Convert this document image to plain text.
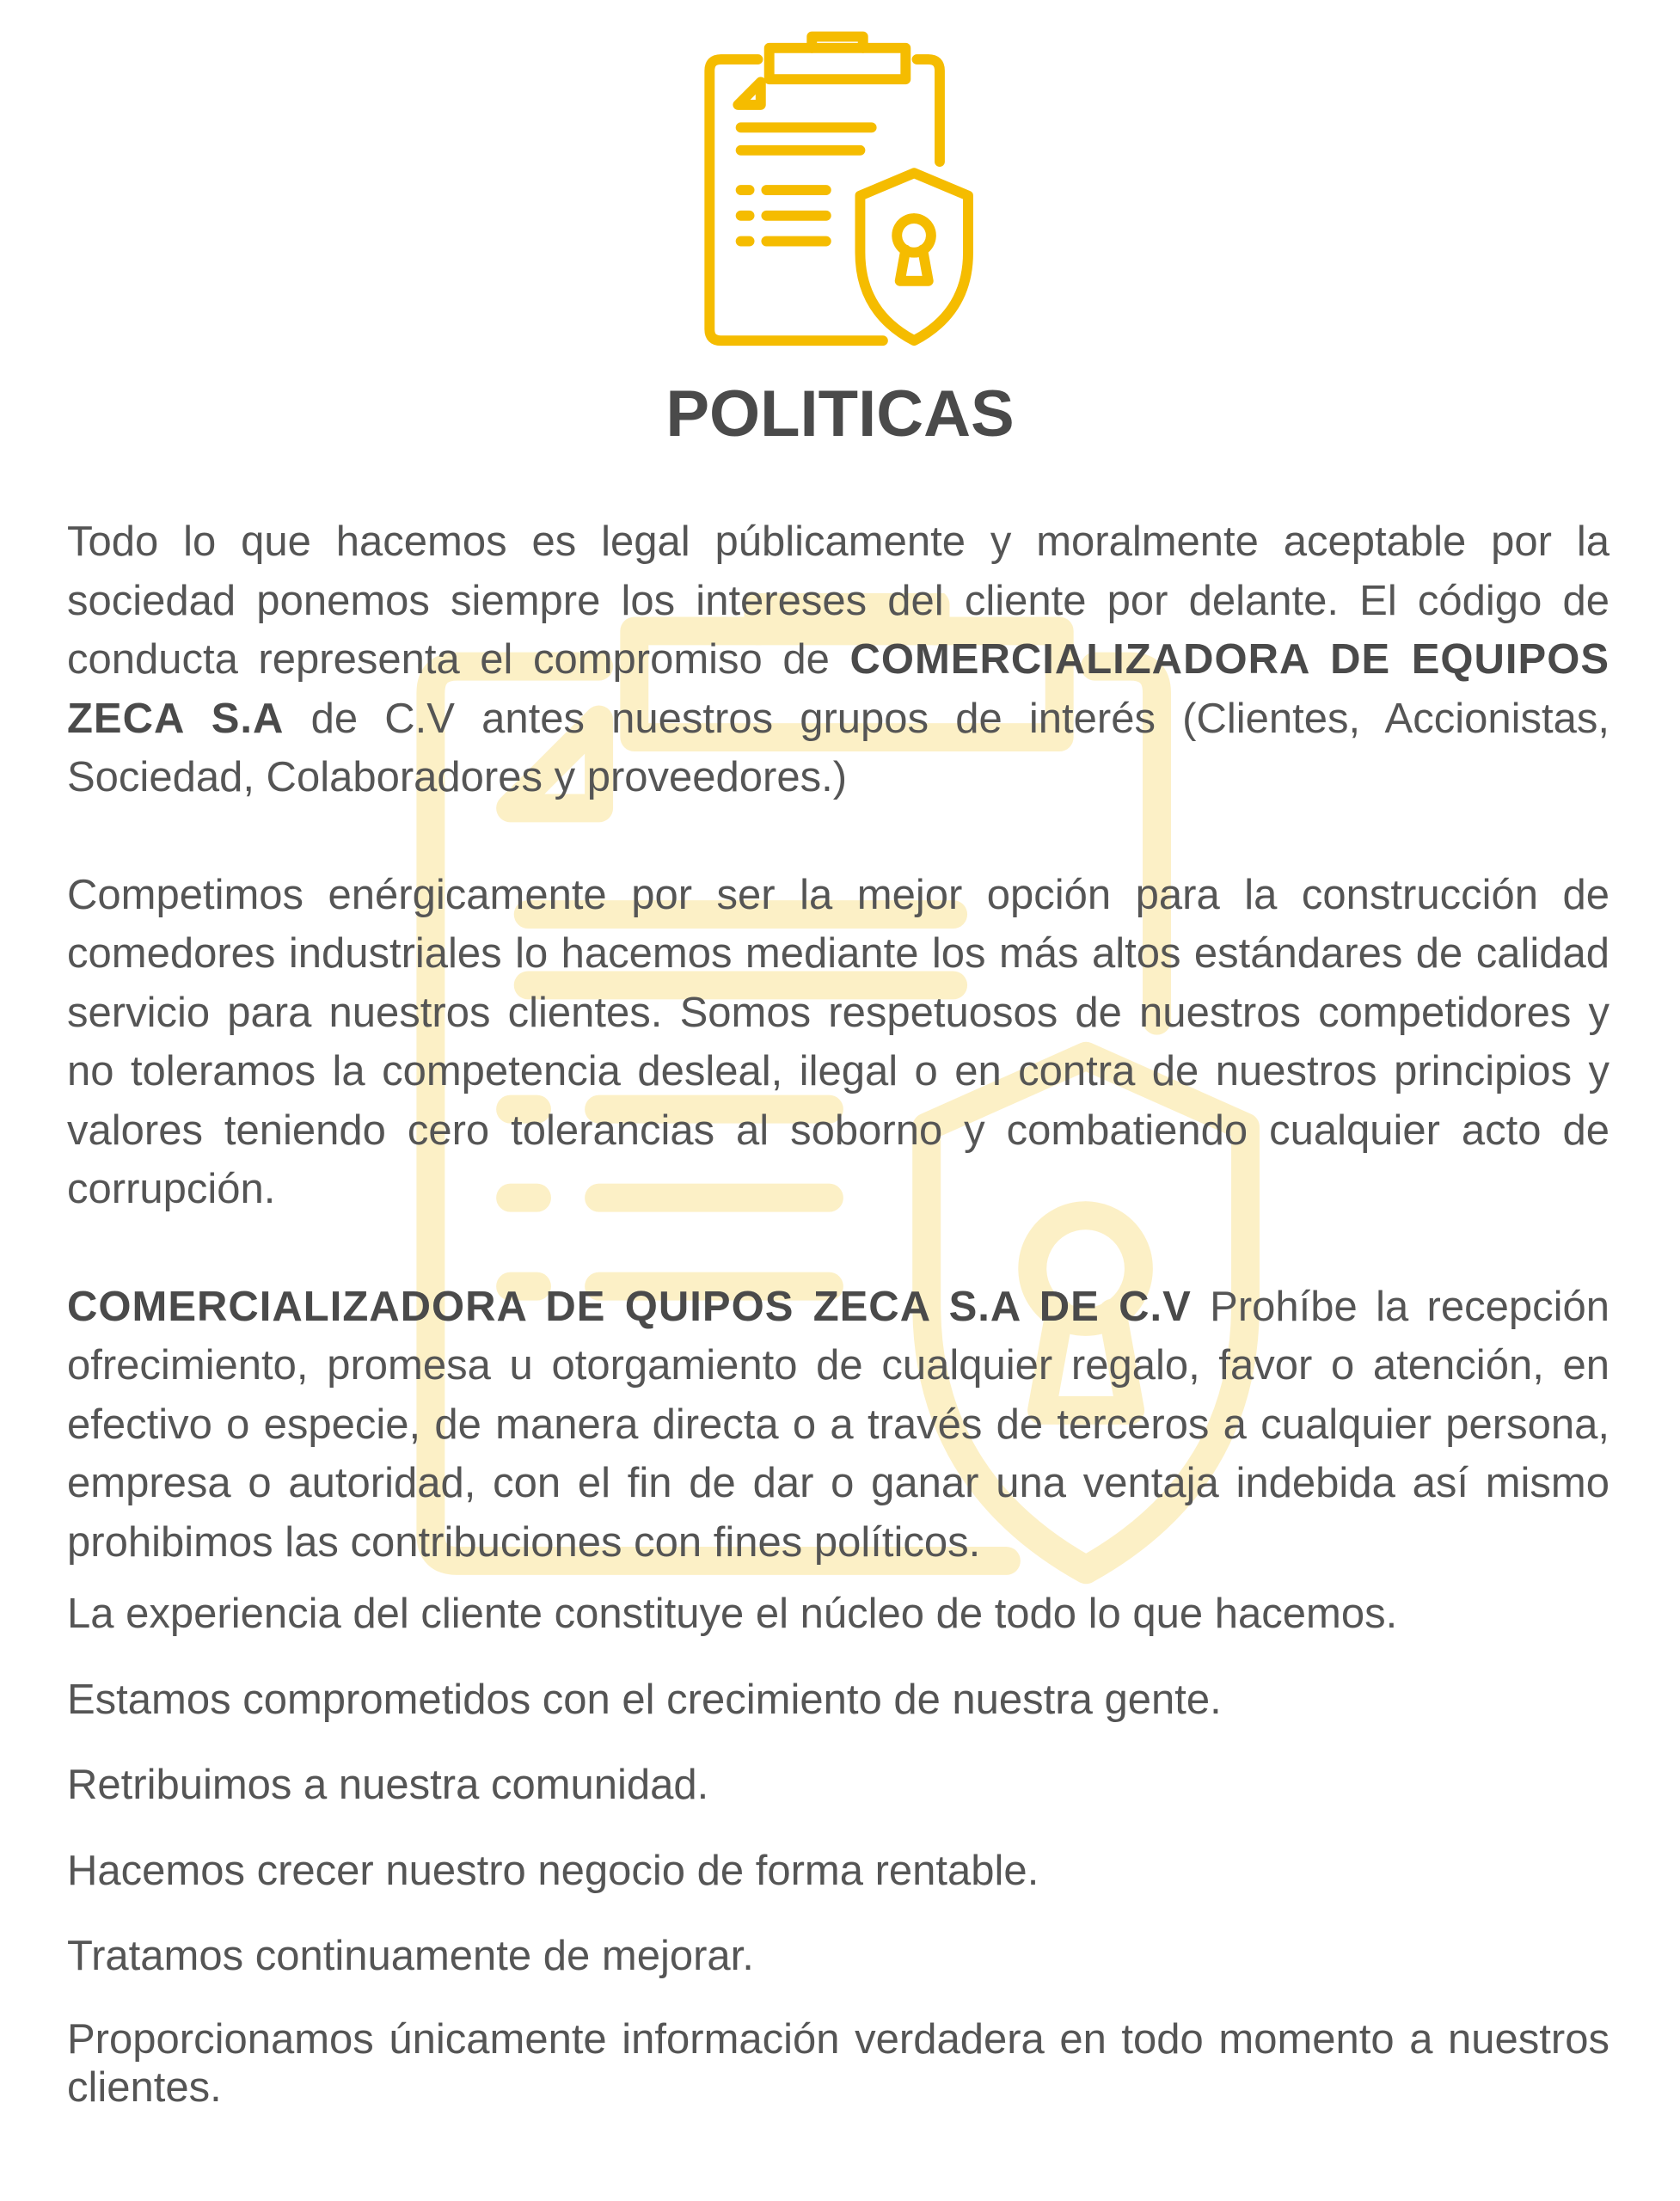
POLITICAS

Todo lo que hacemos es legal públicamente y moralmente aceptable por la sociedad ponemos siempre los intereses del cliente por delante. El código de conducta representa el compromiso de COMERCIALIZADORA DE EQUIPOS ZECA S.A de C.V antes nuestros grupos de interés (Clientes, Accionistas, Sociedad, Colaboradores y proveedores.)

Competimos enérgicamente por ser la mejor opción para la construcción de comedores industriales lo hacemos mediante los más altos estándares de calidad servicio para nuestros clientes. Somos respetuosos de nuestros competidores y no toleramos la competencia desleal, ilegal o en contra de nuestros principios y valores teniendo cero tolerancias al soborno y combatiendo cualquier acto de corrupción.

COMERCIALIZADORA DE QUIPOS ZECA S.A DE C.V Prohíbe la recepción ofrecimiento, promesa u otorgamiento de cualquier regalo, favor o atención, en efectivo o especie, de manera directa o a través de terceros a cualquier persona, empresa o autoridad, con el fin de dar o ganar una ventaja indebida así mismo prohibimos las contribuciones con fines políticos.

La experiencia del cliente constituye el núcleo de todo lo que hacemos.

Estamos comprometidos con el crecimiento de nuestra gente.

Retribuimos a nuestra comunidad.

Hacemos crecer nuestro negocio de forma rentable.

Tratamos continuamente de mejorar.

Proporcionamos únicamente información verdadera en todo momento a nuestros clientes.
